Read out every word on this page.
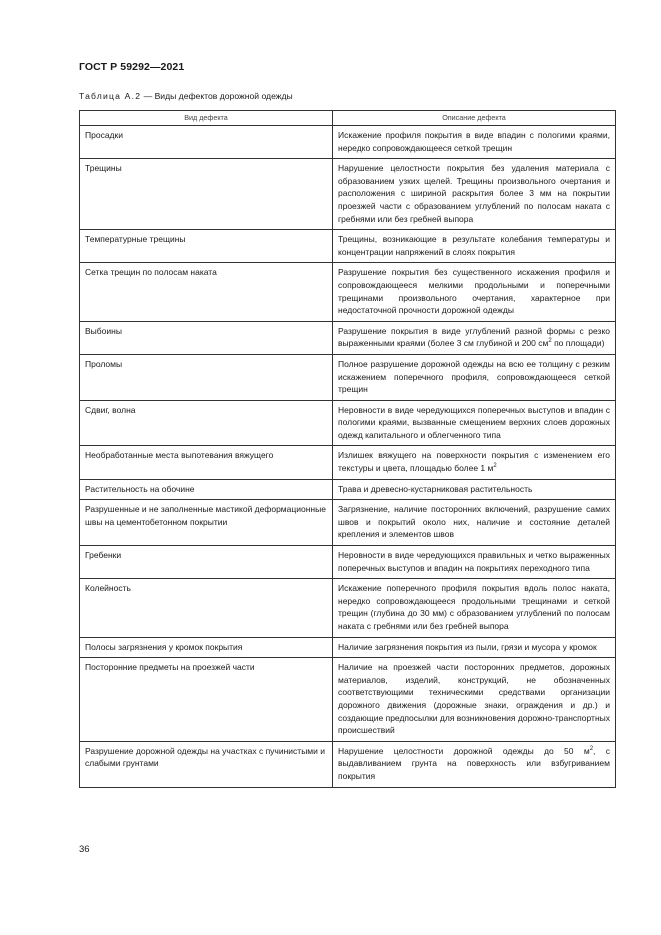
ГОСТ Р 59292—2021
Таблица А.2 — Виды дефектов дорожной одежды
Вид дефекта	Описание дефекта
Просадки	Искажение профиля покрытия в виде впадин с пологими краями, нередко сопровождающееся сеткой трещин
Трещины	Нарушение целостности покрытия без удаления материала с образованием узких щелей. Трещины произвольного очертания и расположения с шириной раскрытия более 3 мм на покрытии проезжей части с образованием углублений по полосам наката с гребнями или без гребней выпора
Температурные трещины	Трещины, возникающие в результате колебания температуры и концентрации напряжений в слоях покрытия
Сетка трещин по полосам наката	Разрушение покрытия без существенного искажения профиля и сопровождающееся мелкими продольными и поперечными трещинами произвольного очертания, характерное при недостаточной прочности дорожной одежды
Выбоины	Разрушение покрытия в виде углублений разной формы с резко выраженными краями (более 3 см глубиной и 200 $см^2$ по площади)
Проломы	Полное разрушение дорожной одежды на всю ее толщину с резким искажением поперечного профиля, сопровождающееся сеткой трещин
Сдвиг, волна	Неровности в виде чередующихся поперечных выступов и впадин с пологими краями, вызванные смещением верхних слоев дорожных одежд капитального и облегченного типа
Необработанные места выпотевания вяжущего	Излишек вяжущего на поверхности покрытия с изменением его текстуры и цвета, площадью более 1 $м^2$
Растительность на обочине	Трава и древесно-кустарниковая растительность
Разрушенные и не заполненные мастикой деформационные швы на цементобетонном покрытии	Загрязнение, наличие посторонних включений, разрушение самих швов и покрытий около них, наличие и состояние деталей крепления и элементов швов
Гребенки	Неровности в виде чередующихся правильных и четко выраженных поперечных выступов и впадин на покрытиях переходного типа
Колейность	Искажение поперечного профиля покрытия вдоль полос наката, нередко сопровождающееся продольными трещинами и сеткой трещин (глубина до 30 мм) с образованием углублений по полосам наката с гребнями или без гребней выпора
Полосы загрязнения у кромок покрытия	Наличие загрязнения покрытия из пыли, грязи и мусора у кромок
Посторонние предметы на проезжей части	Наличие на проезжей части посторонних предметов, дорожных материалов, изделий, конструкций, не обозначенных соответствующими техническими средствами организации дорожного движения (дорожные знаки, ограждения и др.) и создающие предпосылки для возникновения дорожно-транспортных происшествий
Разрушение дорожной одежды на участках с пучинистыми и слабыми грунтами	Нарушение целостности дорожной одежды до 50 $м^2$, с выдавливанием грунта на поверхность или взбугриванием покрытия
36
